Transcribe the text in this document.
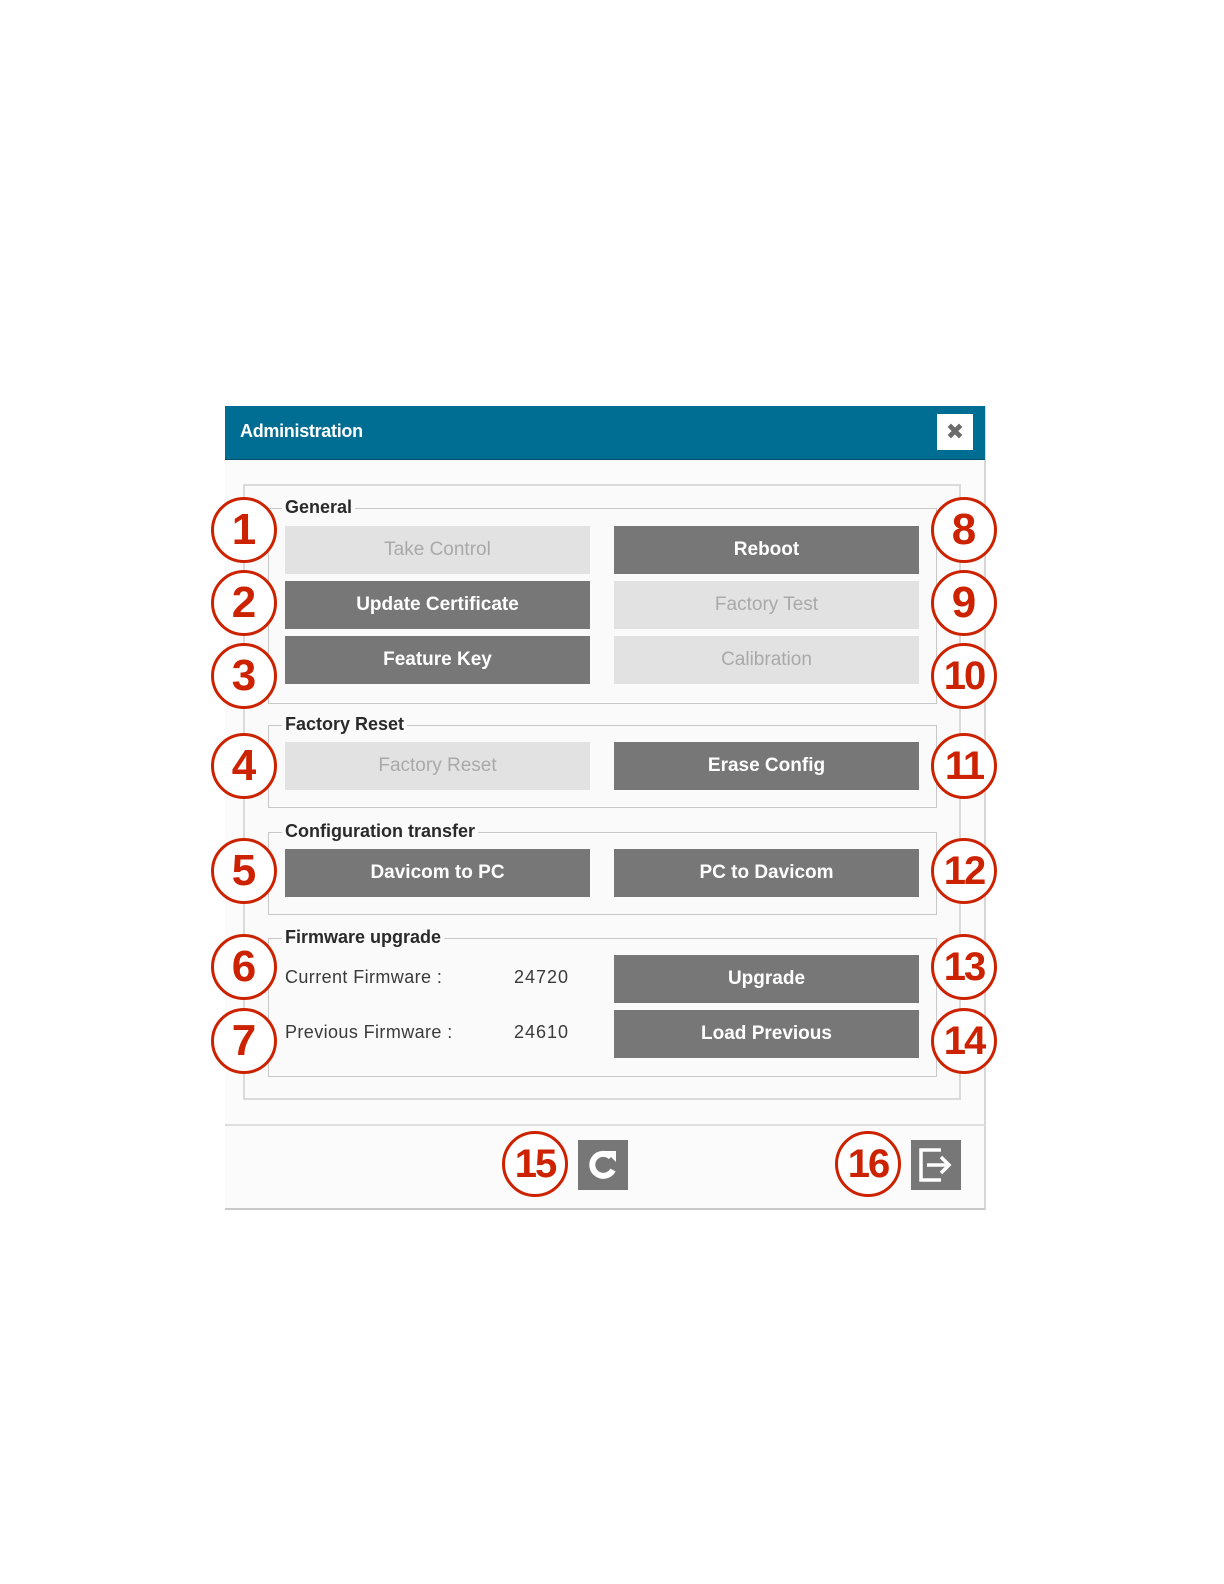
Administration	✖
General
Take Control	Reboot
Update Certificate	Factory Test
Feature Key	Calibration
Factory Reset
Factory Reset	Erase Config
Configuration transfer
Davicom to PC	PC to Davicom
Firmware upgrade
Current Firmware :	24720	Upgrade
Previous Firmware :	24610	Load Previous
1
2
3
4
5
6
7
8
9
10
11
12
13
14
15	16
